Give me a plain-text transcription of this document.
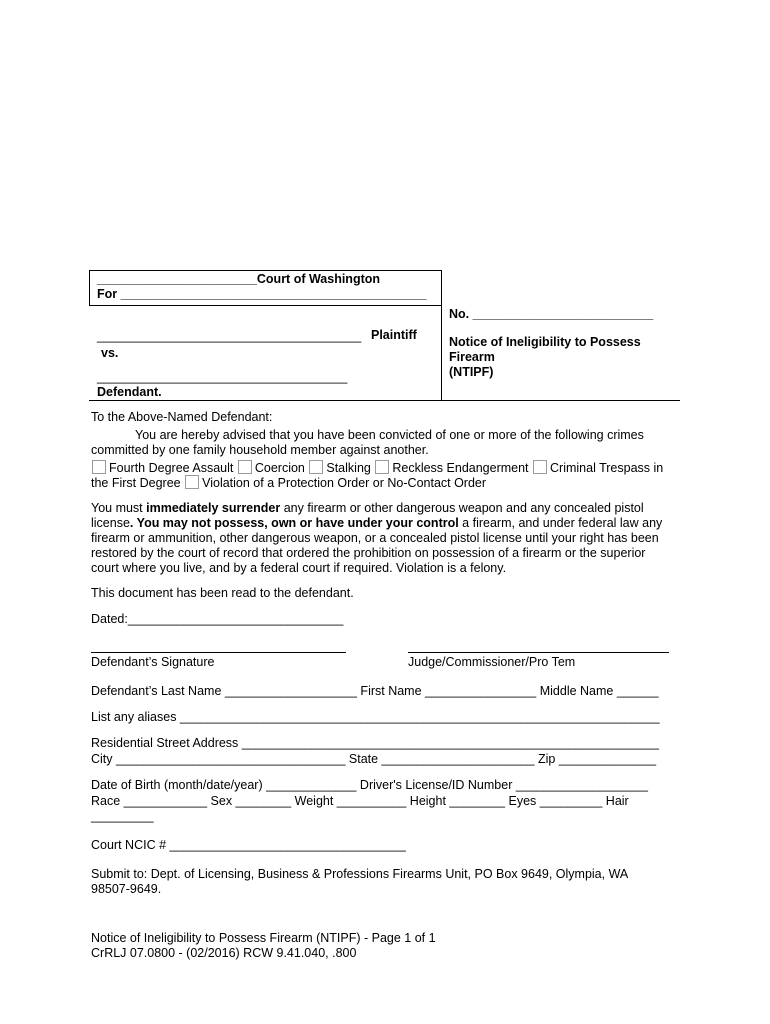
_______________________Court of Washington
For ____________________________________________
No. __________________________
______________________________________ Plaintiff
vs.
Notice of Ineligibility to Possess
Firearm
(NTIPF)
____________________________________
Defendant.
To the Above-Named Defendant:
You are hereby advised that you have been convicted of one or more of the following crimes
committed by one family household member against another.
Fourth Degree Assault Coercion Stalking Reckless Endangerment Criminal Trespass in
the First Degree Violation of a Protection Order or No-Contact Order
You must immediately surrender any firearm or other dangerous weapon and any concealed pistol
license. You may not possess, own or have under your control a firearm, and under federal law any
firearm or ammunition, other dangerous weapon, or a concealed pistol license until your right has been
restored by the court of record that ordered the prohibition on possession of a firearm or the superior
court where you live, and by a federal court if required. Violation is a felony.
This document has been read to the defendant.
Dated:_______________________________
Defendant’s Signature	Judge/Commissioner/Pro Tem
Defendant’s Last Name ___________________ First Name ________________ Middle Name ______
List any aliases _____________________________________________________________________
Residential Street Address ____________________________________________________________
City _________________________________ State ______________________ Zip ______________
Date of Birth (month/date/year) _____________ Driver's License/ID Number ___________________
Race ____________ Sex ________ Weight __________ Height ________ Eyes _________ Hair
_________
Court NCIC # __________________________________
Submit to: Dept. of Licensing, Business & Professions Firearms Unit, PO Box 9649, Olympia, WA
98507-9649.
Notice of Ineligibility to Possess Firearm (NTIPF) - Page 1 of 1
CrRLJ 07.0800 - (02/2016) RCW 9.41.040, .800
